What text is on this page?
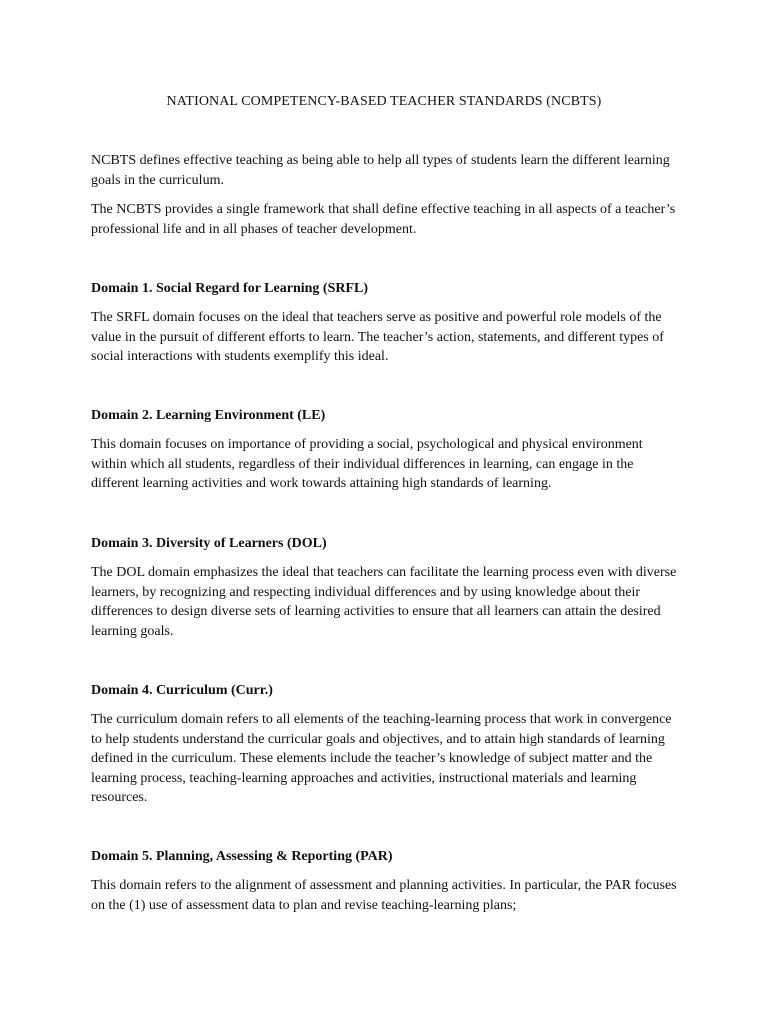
NATIONAL COMPETENCY-BASED TEACHER STANDARDS (NCBTS)

NCBTS defines effective teaching as being able to help all types of students learn the different learning goals in the curriculum.

The NCBTS provides a single framework that shall define effective teaching in all aspects of a teacher’s professional life and in all phases of teacher development.

Domain 1. Social Regard for Learning (SRFL)

The SRFL domain focuses on the ideal that teachers serve as positive and powerful role models of the value in the pursuit of different efforts to learn. The teacher’s action, statements, and different types of social interactions with students exemplify this ideal.

Domain 2. Learning Environment (LE)

This domain focuses on importance of providing a social, psychological and physical environment within which all students, regardless of their individual differences in learning, can engage in the different learning activities and work towards attaining high standards of learning.

Domain 3. Diversity of Learners (DOL)

The DOL domain emphasizes the ideal that teachers can facilitate the learning process even with diverse learners, by recognizing and respecting individual differences and by using knowledge about their differences to design diverse sets of learning activities to ensure that all learners can attain the desired learning goals.

Domain 4. Curriculum (Curr.)

The curriculum domain refers to all elements of the teaching-learning process that work in convergence to help students understand the curricular goals and objectives, and to attain high standards of learning defined in the curriculum. These elements include the teacher’s knowledge of subject matter and the learning process, teaching-learning approaches and activities, instructional materials and learning resources.

Domain 5. Planning, Assessing & Reporting (PAR)

This domain refers to the alignment of assessment and planning activities. In particular, the PAR focuses on the (1) use of assessment data to plan and revise teaching-learning plans;
